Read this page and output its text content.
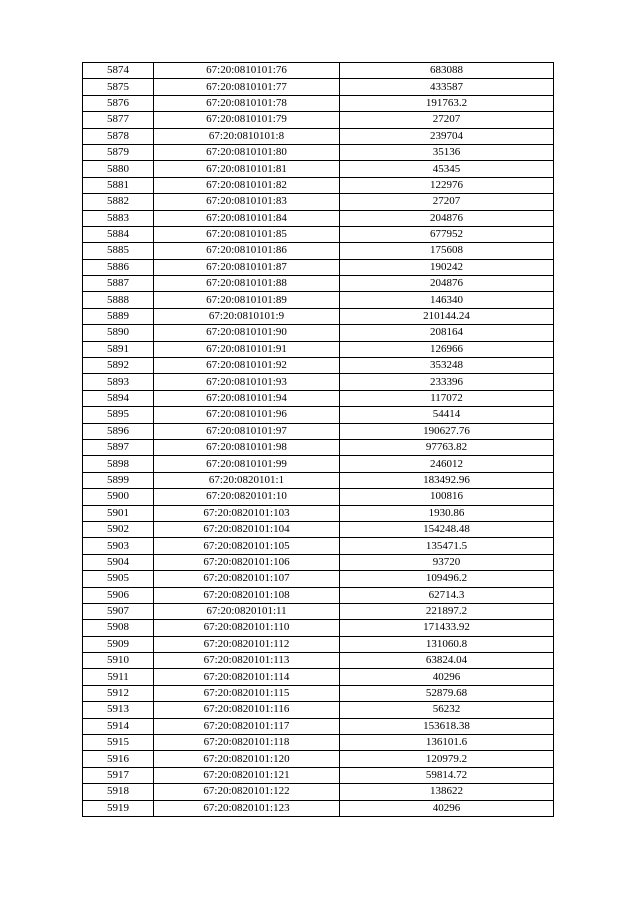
5874	67:20:0810101:76	683088
5875	67:20:0810101:77	433587
5876	67:20:0810101:78	191763.2
5877	67:20:0810101:79	27207
5878	67:20:0810101:8	239704
5879	67:20:0810101:80	35136
5880	67:20:0810101:81	45345
5881	67:20:0810101:82	122976
5882	67:20:0810101:83	27207
5883	67:20:0810101:84	204876
5884	67:20:0810101:85	677952
5885	67:20:0810101:86	175608
5886	67:20:0810101:87	190242
5887	67:20:0810101:88	204876
5888	67:20:0810101:89	146340
5889	67:20:0810101:9	210144.24
5890	67:20:0810101:90	208164
5891	67:20:0810101:91	126966
5892	67:20:0810101:92	353248
5893	67:20:0810101:93	233396
5894	67:20:0810101:94	117072
5895	67:20:0810101:96	54414
5896	67:20:0810101:97	190627.76
5897	67:20:0810101:98	97763.82
5898	67:20:0810101:99	246012
5899	67:20:0820101:1	183492.96
5900	67:20:0820101:10	100816
5901	67:20:0820101:103	1930.86
5902	67:20:0820101:104	154248.48
5903	67:20:0820101:105	135471.5
5904	67:20:0820101:106	93720
5905	67:20:0820101:107	109496.2
5906	67:20:0820101:108	62714.3
5907	67:20:0820101:11	221897.2
5908	67:20:0820101:110	171433.92
5909	67:20:0820101:112	131060.8
5910	67:20:0820101:113	63824.04
5911	67:20:0820101:114	40296
5912	67:20:0820101:115	52879.68
5913	67:20:0820101:116	56232
5914	67:20:0820101:117	153618.38
5915	67:20:0820101:118	136101.6
5916	67:20:0820101:120	120979.2
5917	67:20:0820101:121	59814.72
5918	67:20:0820101:122	138622
5919	67:20:0820101:123	40296
